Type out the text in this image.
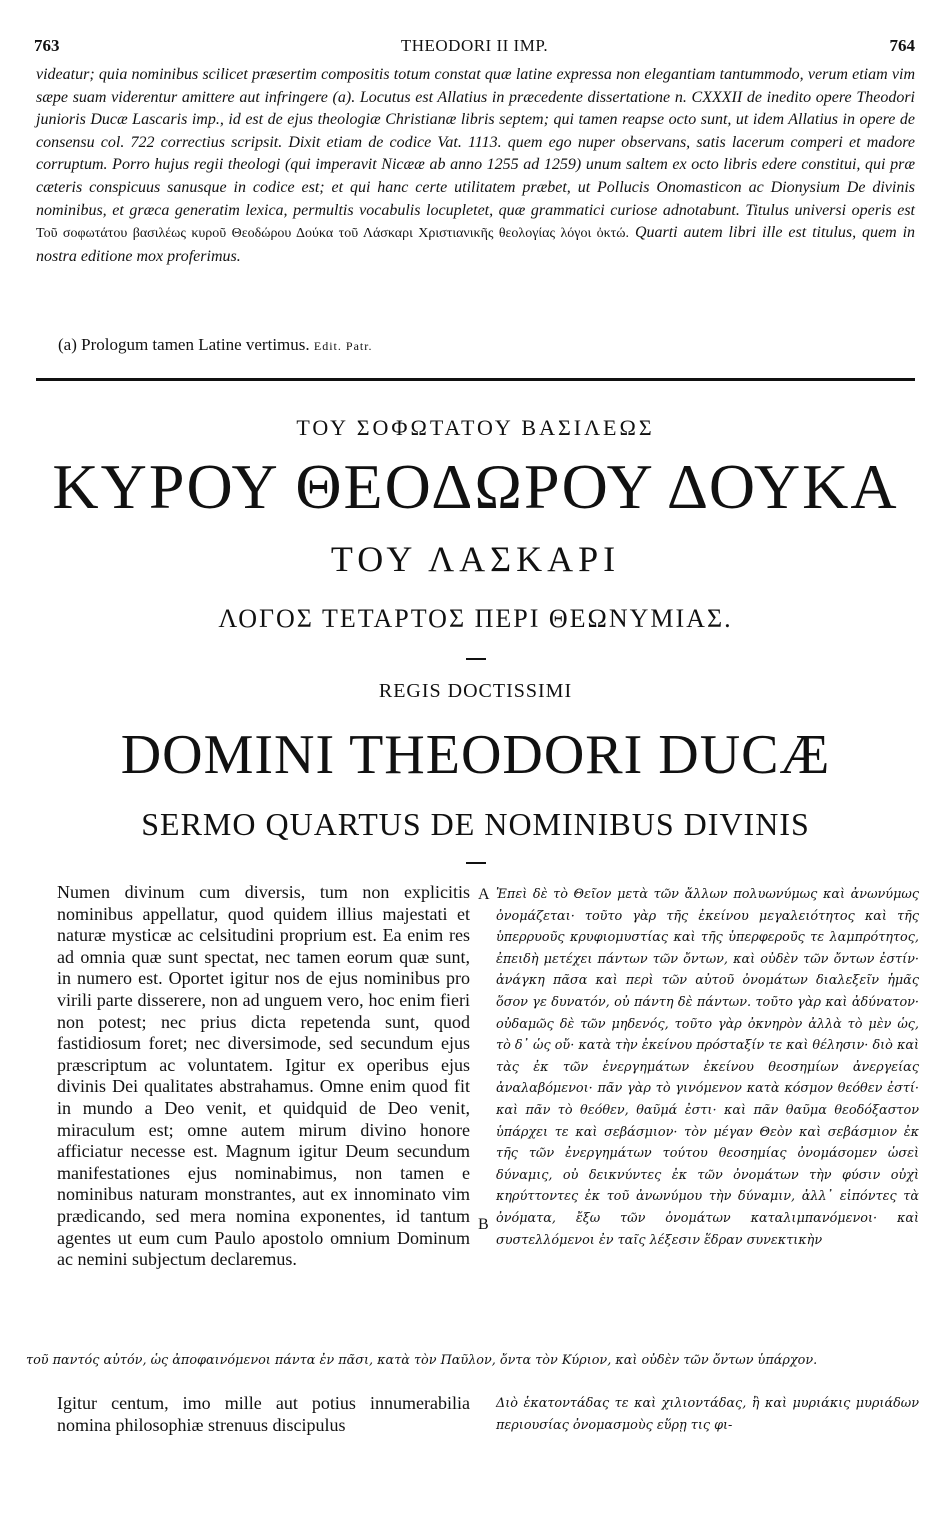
763	THEODORI II IMP.	764
videatur; quia nominibus scilicet præsertim compositis totum constat quæ latine expressa non elegantiam tantummodo, verum etiam vim sæpe suam viderentur amittere aut infringere (a). Locutus est Allatius in præcedente dissertatione n. CXXXII de inedito opere Theodori junioris Ducæ Lascaris imp., id est de ejus theologiæ Christianæ libris septem; qui tamen reapse octo sunt, ut idem Allatius in opere de consensu col. 722 correctius scripsit. Dixit etiam de codice Vat. 1113. quem ego nuper observans, satis lacerum comperi et madore corruptum. Porro hujus regii theologi (qui imperavit Nicææ ab anno 1255 ad 1259) unum saltem ex octo libris edere constitui, qui præ cæteris conspicuus sanusque in codice est; et qui hanc certe utilitatem præbet, ut Pollucis Onomasticon ac Dionysium De divinis nominibus, et græca generatim lexica, permultis vocabulis locupletet, quæ grammatici curiose adnotabunt. Titulus universi operis est Τοῦ σοφωτάτου βασιλέως κυροῦ Θεοδώρου Δούκα τοῦ Λάσκαρι Χριστιανικῆς θεολογίας λόγοι ὀκτώ. Quarti autem libri ille est titulus, quem in nostra editione mox proferimus.
(a) Prologum tamen Latine vertimus. Edit. Patr.
ΤΟΥ ΣΟΦΩΤΑΤΟΥ ΒΑΣΙΛΕΩΣ
ΚΥΡΟΥ ΘΕΟΔΩΡΟΥ ΔΟΥΚΑ
ΤΟΥ ΛΑΣΚΑΡΙ
ΛΟΓΟΣ ΤΕΤΑΡΤΟΣ ΠΕΡΙ ΘΕΩΝΥΜΙΑΣ.
REGIS DOCTISSIMI
DOMINI THEODORI DUCÆ
SERMO QUARTUS DE NOMINIBUS DIVINIS
Numen divinum cum diversis, tum non explicitis nominibus appellatur, quod quidem illius majestati et naturæ mysticæ ac celsitudini proprium est. Ea enim res ad omnia quæ sunt spectat, nec tamen eorum quæ sunt, in numero est. Oportet igitur nos de ejus nominibus pro virili parte disserere, non ad unguem vero, hoc enim fieri non potest; nec prius dicta repetenda sunt, quod fastidiosum foret; nec diversimode, sed secundum ejus præscriptum ac voluntatem. Igitur ex operibus ejus divinis Dei qualitates abstrahamus. Omne enim quod fit in mundo a Deo venit, et quidquid de Deo venit, miraculum est; omne autem mirum divino honore afficiatur necesse est. Magnum igitur Deum secundum manifestationes ejus nominabimus, non tamen e nominibus naturam monstrantes, aut ex innominato vim prædicando, sed mera nomina exponentes, id tantum agentes ut eum cum Paulo apostolo omnium Dominum ac nemini subjectum declaremus.
A
B
Ἐπεὶ δὲ τὸ Θεῖον μετὰ τῶν ἄλλων πολυωνύμως καὶ ἀνωνύμως ὀνομάζεται· τοῦτο γὰρ τῆς ἐκείνου μεγαλειότητος καὶ τῆς ὑπερρυοῦς κρυφιομυστίας καὶ τῆς ὑπερφεροῦς τε λαμπρότητος, ἐπειδὴ μετέχει πάντων τῶν ὄντων, καὶ οὐδὲν τῶν ὄντων ἐστίν· ἀνάγκη πᾶσα καὶ περὶ τῶν αὐτοῦ ὀνομάτων διαλεξεῖν ἡμᾶς ὅσον γε δυνατόν, οὐ πάντη δὲ πάντων. τοῦτο γὰρ καὶ ἀδύνατον· οὐδαμῶς δὲ τῶν μηδενός, τοῦτο γὰρ ὀκνηρὸν ἀλλὰ τὸ μὲν ὡς, τὸ δ᾽ ὡς οὔ· κατὰ τὴν ἐκείνου πρόσταξίν τε καὶ θέλησιν· διὸ καὶ τὰς ἐκ τῶν ἐνεργημάτων ἐκείνου θεοσημίων ἀνεργείας ἀναλαβόμενοι· πᾶν γὰρ τὸ γινόμενον κατὰ κόσμον θεόθεν ἐστί· καὶ πᾶν τὸ θεόθεν, θαῦμά ἐστι· καὶ πᾶν θαῦμα θεοδόξαστον ὑπάρχει τε καὶ σεβάσμιον· τὸν μέγαν Θεὸν καὶ σεβάσμιον ἐκ τῆς τῶν ἐνεργημάτων τούτου θεοσημίας ὀνομάσομεν ὡσεὶ δύναμις, οὐ δεικνύντες ἐκ τῶν ὀνομάτων τὴν φύσιν οὐχὶ κηρύττοντες ἐκ τοῦ ἀνωνύμου τὴν δύναμιν, ἀλλ᾽ εἰπόντες τὰ ὀνόματα, ἔξω τῶν ὀνομάτων καταλιμπανόμενοι· καὶ συστελλόμενοι ἐν ταῖς λέξεσιν ἕδραν συνεκτικὴν
τοῦ παντός αὐτόν, ὡς ἀποφαινόμενοι πάντα ἐν πᾶσι, κατὰ τὸν Παῦλον, ὄντα τὸν Κύριον, καὶ οὐδὲν τῶν ὄντων ὑπάρχον.
Igitur centum, imo mille aut potius innumerabilia nomina philosophiæ strenuus discipulus
Διὸ ἑκατοντάδας τε καὶ χιλιοντάδας, ἢ καὶ μυριάκις μυριάδων περιουσίας ὀνομασμοὺς εὕρῃ τις φι-
